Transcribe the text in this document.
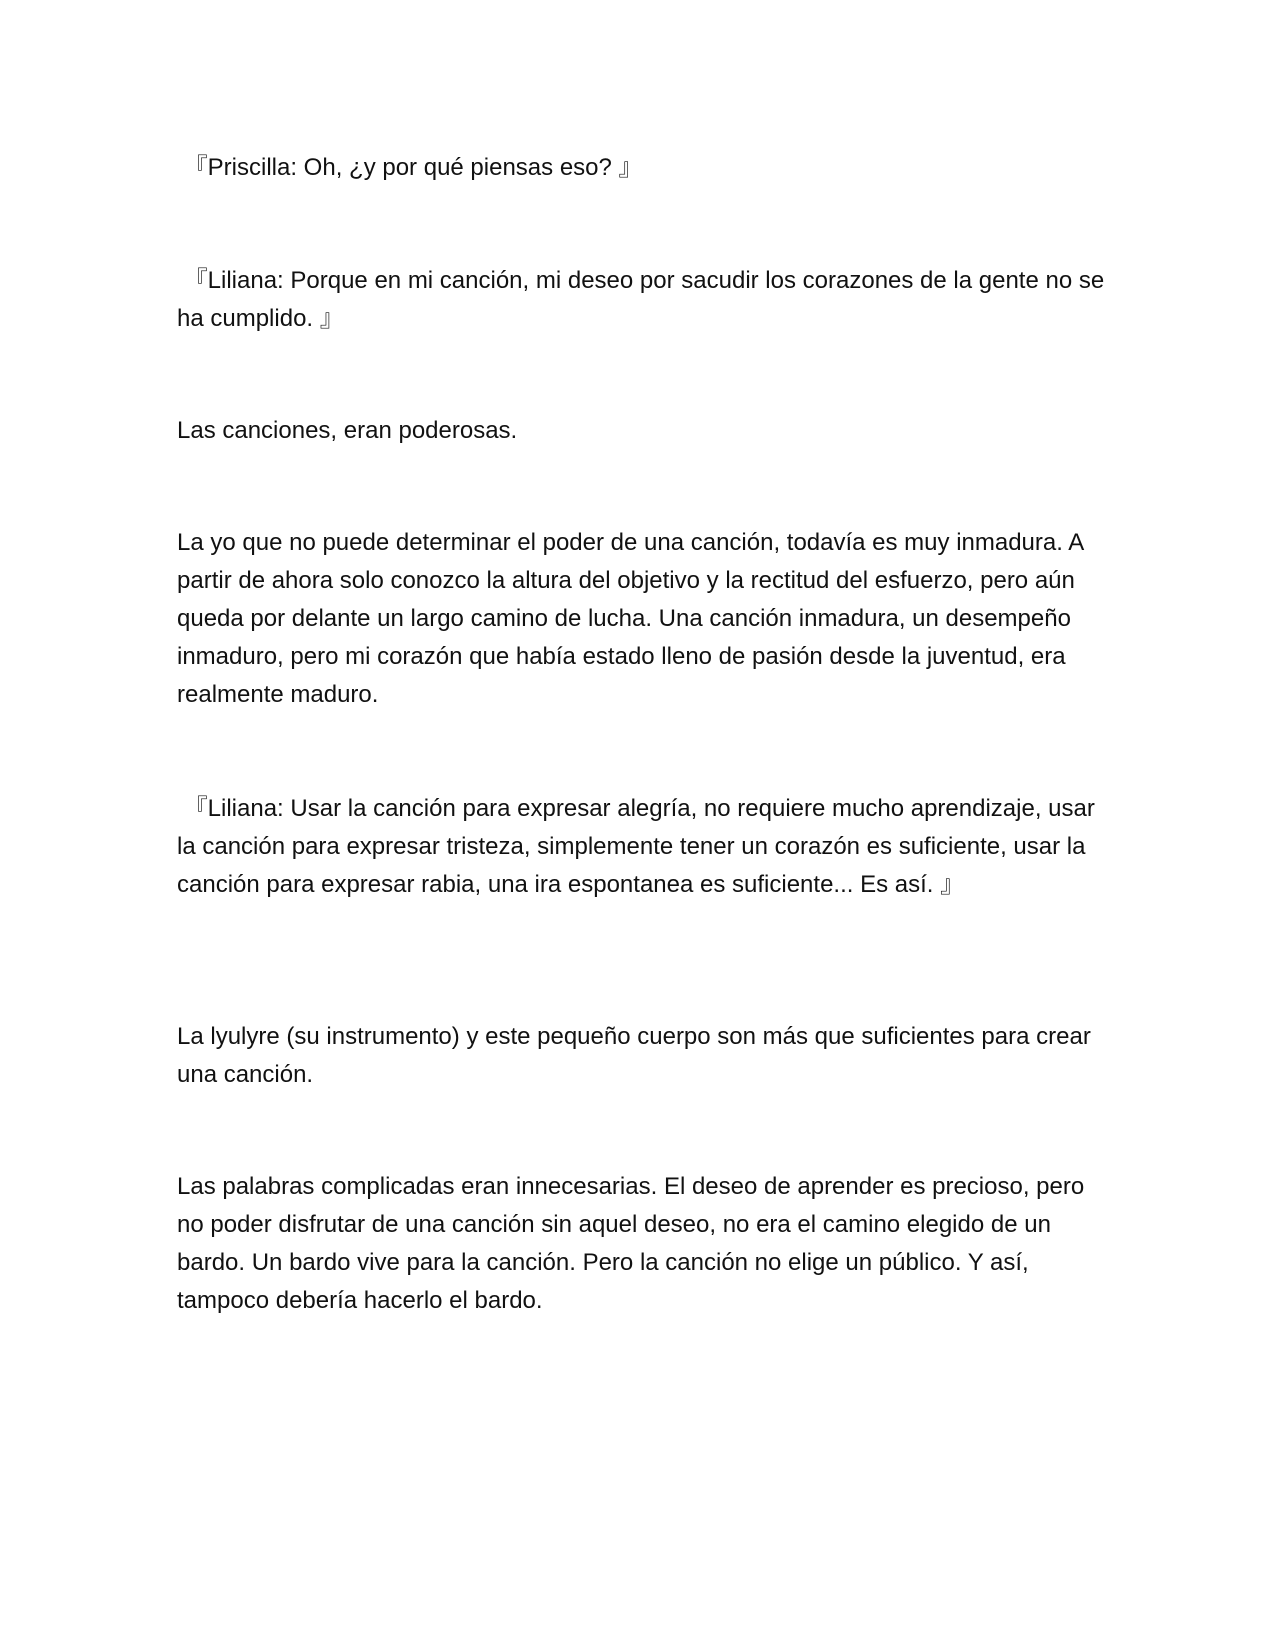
『Priscilla: Oh, ¿y por qué piensas eso? 』

『Liliana: Porque en mi canción, mi deseo por sacudir los corazones de la gente no se ha cumplido. 』

Las canciones, eran poderosas.

La yo que no puede determinar el poder de una canción, todavía es muy inmadura. A partir de ahora solo conozco la altura del objetivo y la rectitud del esfuerzo, pero aún queda por delante un largo camino de lucha. Una canción inmadura, un desempeño inmaduro, pero mi corazón que había estado lleno de pasión desde la juventud, era realmente maduro.

『Liliana: Usar la canción para expresar alegría, no requiere mucho aprendizaje, usar la canción para expresar tristeza, simplemente tener un corazón es suficiente, usar la canción para expresar rabia, una ira espontanea es suficiente... Es así. 』

La lyulyre (su instrumento) y este pequeño cuerpo son más que suficientes para crear una canción.

Las palabras complicadas eran innecesarias. El deseo de aprender es precioso, pero no poder disfrutar de una canción sin aquel deseo, no era el camino elegido de un bardo. Un bardo vive para la canción. Pero la canción no elige un público. Y así, tampoco debería hacerlo el bardo.
